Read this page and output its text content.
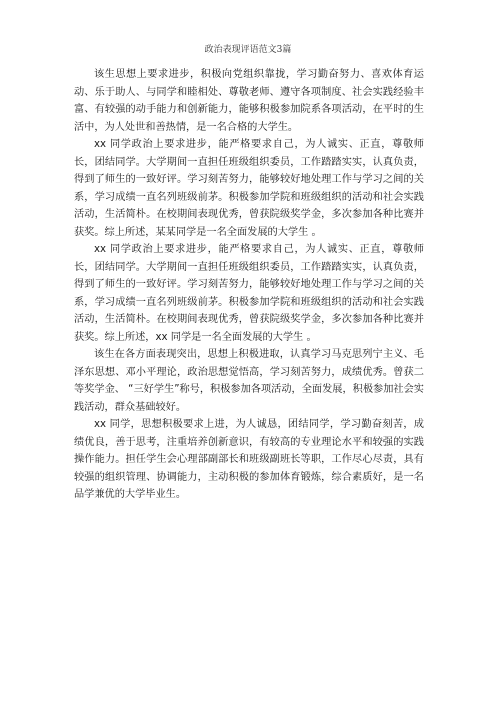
政治表现评语范文3篇

该生思想上要求进步，积极向党组织靠拢，学习勤奋努力、喜欢体育运动、乐于助人、与同学和睦相处、尊敬老师、遵守各项制度、社会实践经验丰富、有较强的动手能力和创新能力，能够积极参加院系各项活动，在平时的生活中，为人处世和善热情，是一名合格的大学生。

xx 同学政治上要求进步，能严格要求自己，为人诚实、正直，尊敬师长，团结同学。大学期间一直担任班级组织委员，工作踏踏实实，认真负责，得到了师生的一致好评。学习刻苦努力，能够较好地处理工作与学习之间的关系，学习成绩一直名列班级前茅。积极参加学院和班级组织的活动和社会实践活动，生活简朴。在校期间表现优秀，曾获院级奖学金，多次参加各种比赛并获奖。综上所述，某某同学是一名全面发展的大学生 。

xx 同学政治上要求进步，能严格要求自己，为人诚实、正直，尊敬师长，团结同学。大学期间一直担任班级组织委员，工作踏踏实实，认真负责，得到了师生的一致好评。学习刻苦努力，能够较好地处理工作与学习之间的关系，学习成绩一直名列班级前茅。积极参加学院和班级组织的活动和社会实践活动，生活简朴。在校期间表现优秀，曾获院级奖学金，多次参加各种比赛并获奖。综上所述，xx 同学是一名全面发展的大学生 。

该生在各方面表现突出，思想上积极进取，认真学习马克思列宁主义、毛泽东思想、邓小平理论，政治思想觉悟高，学习刻苦努力，成绩优秀。曾获二等奖学金、 “三好学生”称号，积极参加各项活动，全面发展，积极参加社会实践活动，群众基础较好。

xx 同学，思想积极要求上进，为人诚恳，团结同学，学习勤奋刻苦，成绩优良，善于思考，注重培养创新意识，有较高的专业理论水平和较强的实践操作能力。担任学生会心理部副部长和班级副班长等职，工作尽心尽责，具有较强的组织管理、协调能力，主动积极的参加体育锻炼，综合素质好，是一名品学兼优的大学毕业生。
